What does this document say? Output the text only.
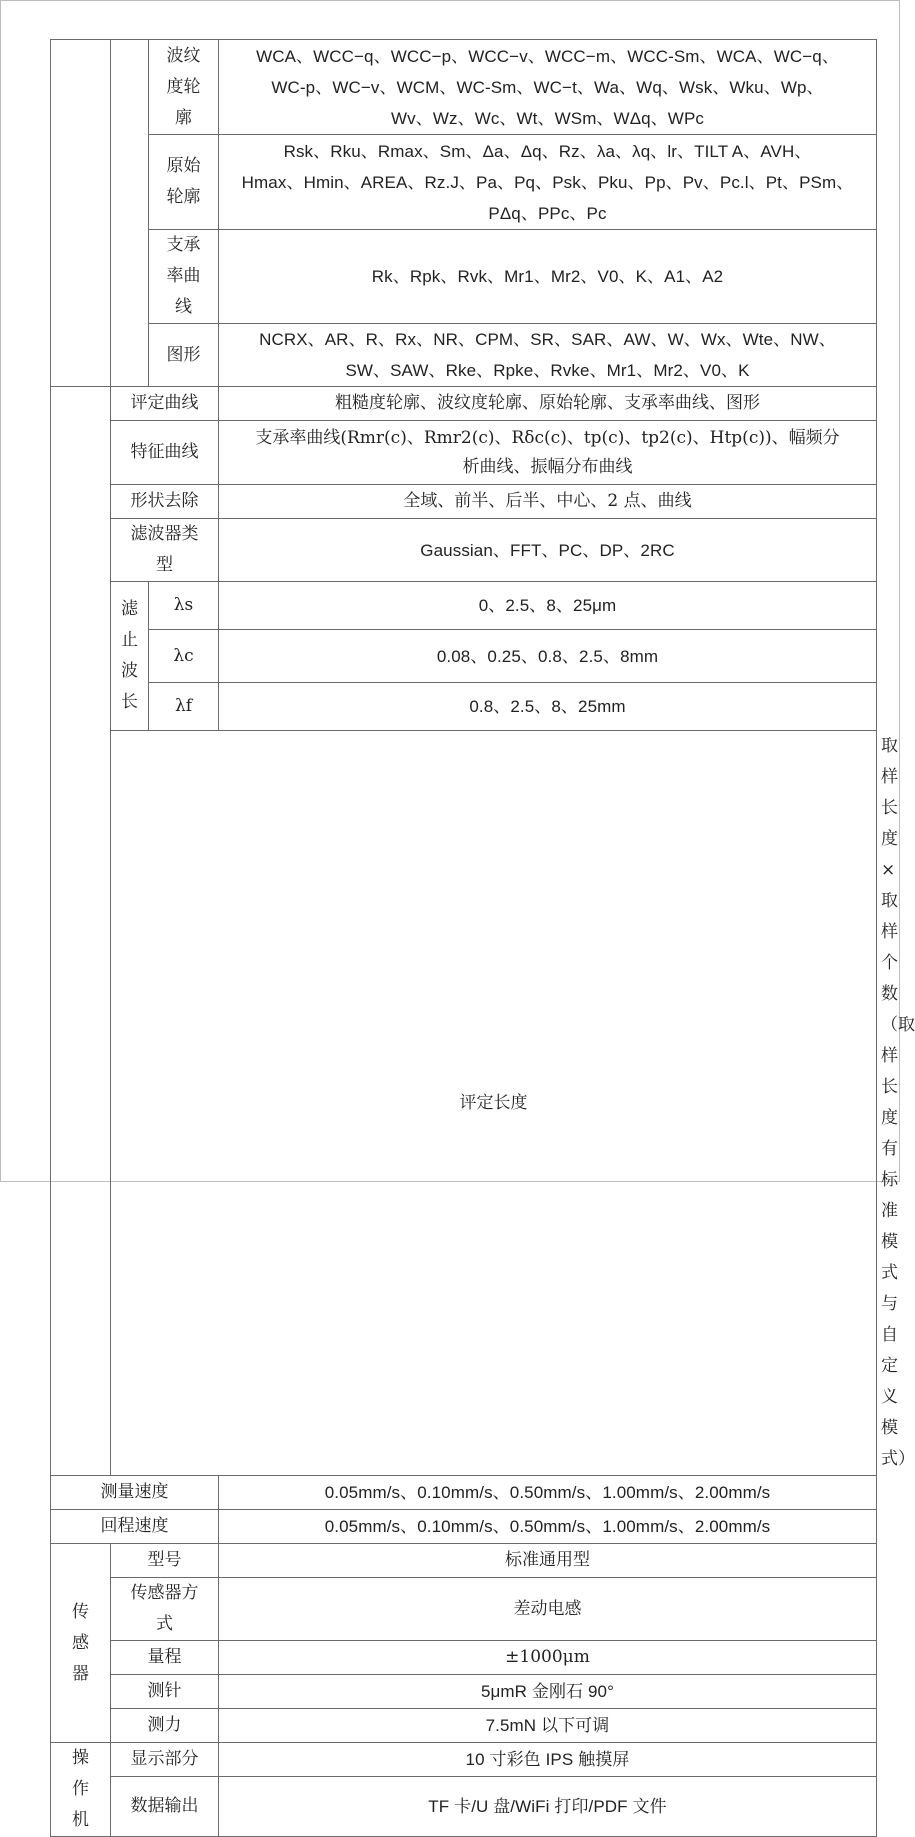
		波纹
度轮
廓	WCA、WCC−q、WCC−p、WCC−v、WCC−m、WCC-Sm、WCA、WC−q、
WC-p、WC−v、WCM、WC-Sm、WC−t、Wa、Wq、Wsk、Wku、Wp、
Wv、Wz、Wc、Wt、WSm、WΔq、WPc	

		原始
轮廓	Rsk、Rku、Rmax、Sm、Δa、Δq、Rz、λa、λq、lr、TILT A、AVH、
Hmax、Hmin、AREA、Rz.J、Pa、Pq、Psk、Pku、Pp、Pv、Pc.l、Pt、PSm、
PΔq、PPc、Pc	

		支承
率曲
线	Rk、Rpk、Rvk、Mr1、Mr2、V0、K、A1、A2	
		图形	NCRX、AR、R、Rx、NR、CPM、SR、SAR、AW、W、Wx、Wte、NW、
SW、SAW、Rke、Rpke、Rvke、Mr1、Mr2、V0、K	

	评定曲线		粗糙度轮廓、波纹度轮廓、原始轮廓、支承率曲线、图形	
	特征曲线		支承率曲线(Rmr(c)、Rmr2(c)、Rδc(c)、tp(c)、tp2(c)、Htp(c))、幅频分
析曲线、振幅分布曲线	

	形状去除		全域、前半、后半、中心、2 点、曲线	

	滤波器类
型		Gaussian、FFT、PC、DP、2RC	

	滤
止
波
长	λs	0、2.5、8、25μm	
		λc	0.08、0.25、0.8、2.5、8mm	
		λf	0.8、2.5、8、25mm	
	评定长度			取样长度 × 取样个数
（取样长度有标准模式与自定义模式）

测量速度			0.05mm/s、0.10mm/s、0.50mm/s、1.00mm/s、2.00mm/s	
回程速度			0.05mm/s、0.10mm/s、0.50mm/s、1.00mm/s、2.00mm/s	

传
感
器	型号		标准通用型	

	传感器方
式		差动电感	
	量程		±1000μm	
	测针		5μmR 金刚石 90°	
	测力		7.5mN 以下可调	

操
作
机	显示部分		10 寸彩色 IPS 触摸屏	
	数据输出		TF 卡/U 盘/WiFi 打印/PDF 文件	
